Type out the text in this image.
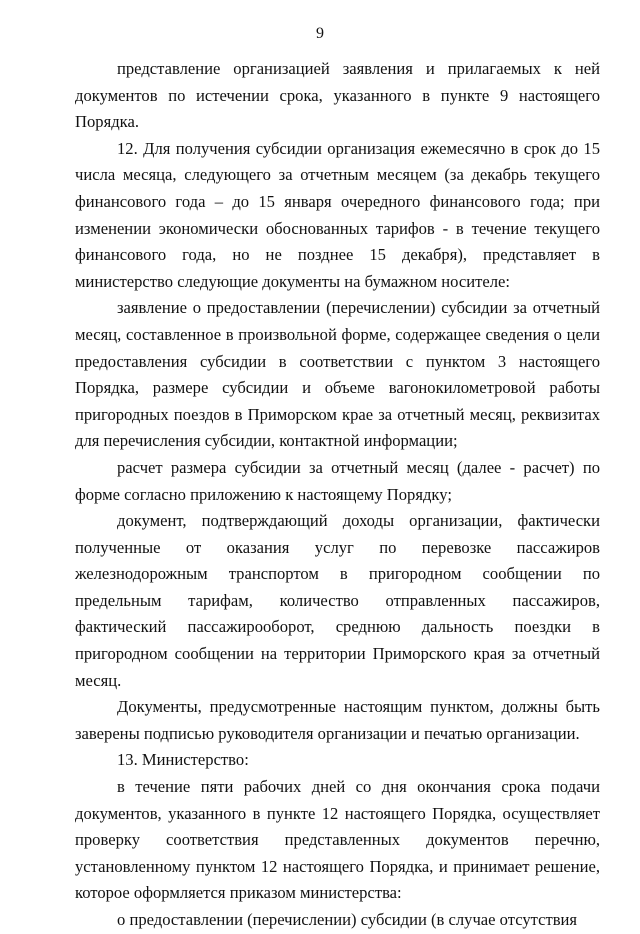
9

представление организацией заявления и прилагаемых к ней документов по истечении срока, указанного в пункте 9 настоящего Порядка.

12. Для получения субсидии организация ежемесячно в срок до 15 числа месяца, следующего за отчетным месяцем (за декабрь текущего финансового года – до 15 января очередного финансового года; при изменении экономически обоснованных тарифов - в течение текущего финансового года, но не позднее 15 декабря), представляет в министерство следующие документы на бумажном носителе:

заявление о предоставлении (перечислении) субсидии за отчетный месяц, составленное в произвольной форме, содержащее сведения о цели предоставления субсидии в соответствии с пунктом 3 настоящего Порядка, размере субсидии и объеме вагонокилометровой работы пригородных поездов в Приморском крае за отчетный месяц, реквизитах для перечисления субсидии, контактной информации;

расчет размера субсидии за отчетный месяц (далее - расчет) по форме согласно приложению к настоящему Порядку;

документ, подтверждающий доходы организации, фактически полученные от оказания услуг по перевозке пассажиров железнодорожным транспортом в пригородном сообщении по предельным тарифам, количество отправленных пассажиров, фактический пассажирооборот, среднюю дальность поездки в пригородном сообщении на территории Приморского края за отчетный месяц.

Документы, предусмотренные настоящим пунктом, должны быть заверены подписью руководителя организации и печатью организации.

13. Министерство:

в течение пяти рабочих дней со дня окончания срока подачи документов, указанного в пункте 12 настоящего Порядка, осуществляет проверку соответствия представленных документов перечню, установленному пунктом 12 настоящего Порядка, и принимает решение, которое оформляется приказом министерства:

о предоставлении (перечислении) субсидии (в случае отсутствия
